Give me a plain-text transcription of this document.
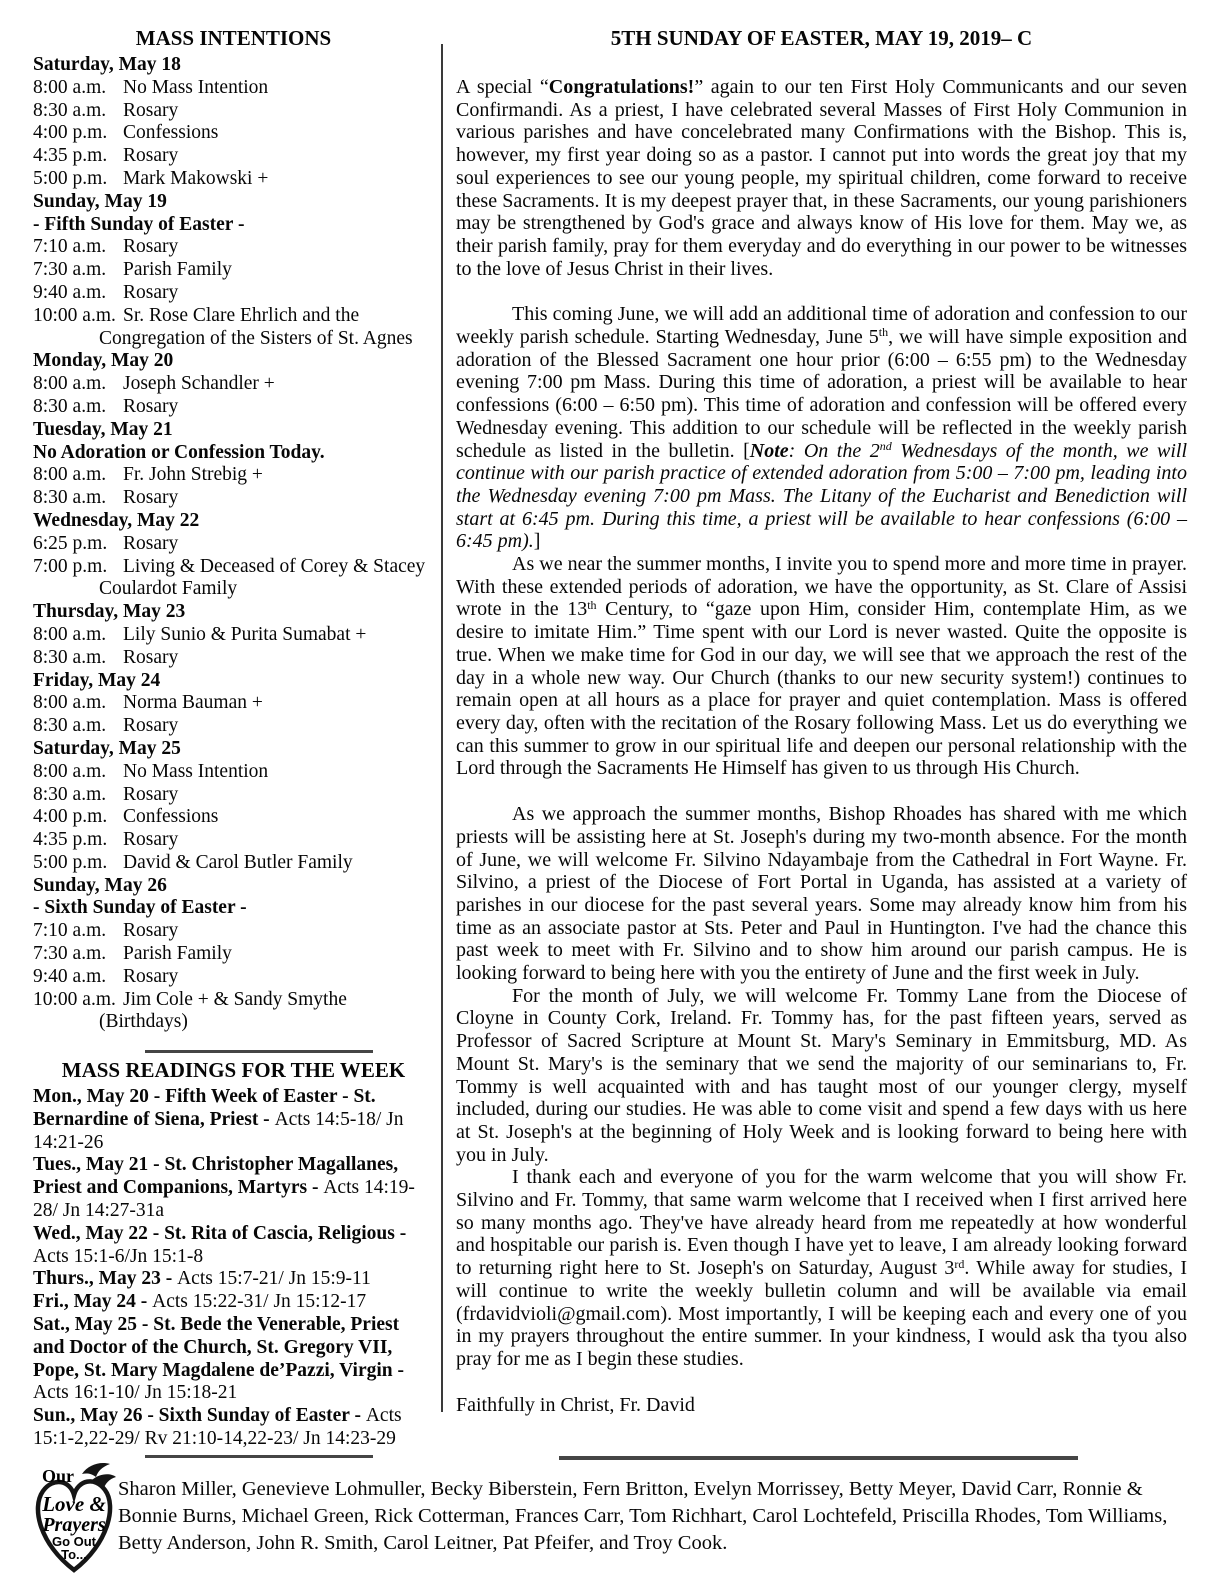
MASS INTENTIONS
Saturday, May 18
8:00 a.m. No Mass Intention
8:30 a.m. Rosary
4:00 p.m. Confessions
4:35 p.m. Rosary
5:00 p.m. Mark Makowski +
Sunday, May 19
- Fifth Sunday of Easter -
7:10 a.m. Rosary
7:30 a.m. Parish Family
9:40 a.m. Rosary
10:00 a.m. Sr. Rose Clare Ehrlich and the Congregation of the Sisters of St. Agnes
Monday, May 20
8:00 a.m. Joseph Schandler +
8:30 a.m. Rosary
Tuesday, May 21
No Adoration or Confession Today.
8:00 a.m. Fr. John Strebig +
8:30 a.m. Rosary
Wednesday, May 22
6:25 p.m. Rosary
7:00 p.m. Living & Deceased of Corey & Stacey Coulardot Family
Thursday, May 23
8:00 a.m. Lily Sunio & Purita Sumabat +
8:30 a.m. Rosary
Friday, May 24
8:00 a.m. Norma Bauman +
8:30 a.m. Rosary
Saturday, May 25
8:00 a.m. No Mass Intention
8:30 a.m. Rosary
4:00 p.m. Confessions
4:35 p.m. Rosary
5:00 p.m. David & Carol Butler Family
Sunday, May 26
- Sixth Sunday of Easter -
7:10 a.m. Rosary
7:30 a.m. Parish Family
9:40 a.m. Rosary
10:00 a.m. Jim Cole + & Sandy Smythe (Birthdays)
MASS READINGS FOR THE WEEK

Mon., May 20 - Fifth Week of Easter - St. Bernardine of Siena, Priest - Acts 14:5-18/ Jn 14:21-26

Tues., May 21 - St. Christopher Magallanes, Priest and Companions, Martyrs - Acts 14:19-28/ Jn 14:27-31a

Wed., May 22 - St. Rita of Cascia, Religious - Acts 15:1-6/Jn 15:1-8

Thurs., May 23 - Acts 15:7-21/ Jn 15:9-11

Fri., May 24 - Acts 15:22-31/ Jn 15:12-17

Sat., May 25 - St. Bede the Venerable, Priest and Doctor of the Church, St. Gregory VII, Pope, St. Mary Magdalene de’Pazzi, Virgin - Acts 16:1-10/ Jn 15:18-21

Sun., May 26 - Sixth Sunday of Easter - Acts 15:1-2,22-29/ Rv 21:10-14,22-23/ Jn 14:23-29

5TH SUNDAY OF EASTER, MAY 19, 2019– C
A special “Congratulations!” again to our ten First Holy Communicants and our seven Confirmandi. As a priest, I have celebrated several Masses of First Holy Communion in various parishes and have concelebrated many Confirmations with the Bishop. This is, however, my first year doing so as a pastor. I cannot put into words the great joy that my soul experiences to see our young people, my spiritual children, come forward to receive these Sacraments. It is my deepest prayer that, in these Sacraments, our young parishioners may be strengthened by God's grace and always know of His love for them. May we, as their parish family, pray for them everyday and do everything in our power to be witnesses to the love of Jesus Christ in their lives.
This coming June, we will add an additional time of adoration and confession to our weekly parish schedule. Starting Wednesday, June 5th, we will have simple exposition and adoration of the Blessed Sacrament one hour prior (6:00 – 6:55 pm) to the Wednesday evening 7:00 pm Mass. During this time of adoration, a priest will be available to hear confessions (6:00 – 6:50 pm). This time of adoration and confession will be offered every Wednesday evening. This addition to our schedule will be reflected in the weekly parish schedule as listed in the bulletin. [Note: On the 2nd Wednesdays of the month, we will continue with our parish practice of extended adoration from 5:00 – 7:00 pm, leading into the Wednesday evening 7:00 pm Mass. The Litany of the Eucharist and Benediction will start at 6:45 pm. During this time, a priest will be available to hear confessions (6:00 – 6:45 pm).]
As we near the summer months, I invite you to spend more and more time in prayer. With these extended periods of adoration, we have the opportunity, as St. Clare of Assisi wrote in the 13th Century, to “gaze upon Him, consider Him, contemplate Him, as we desire to imitate Him.” Time spent with our Lord is never wasted. Quite the opposite is true. When we make time for God in our day, we will see that we approach the rest of the day in a whole new way. Our Church (thanks to our new security system!) continues to remain open at all hours as a place for prayer and quiet contemplation. Mass is offered every day, often with the recitation of the Rosary following Mass. Let us do everything we can this summer to grow in our spiritual life and deepen our personal relationship with the Lord through the Sacraments He Himself has given to us through His Church.
As we approach the summer months, Bishop Rhoades has shared with me which priests will be assisting here at St. Joseph's during my two-month absence. For the month of June, we will welcome Fr. Silvino Ndayambaje from the Cathedral in Fort Wayne. Fr. Silvino, a priest of the Diocese of Fort Portal in Uganda, has assisted at a variety of parishes in our diocese for the past several years. Some may already know him from his time as an associate pastor at Sts. Peter and Paul in Huntington. I've had the chance this past week to meet with Fr. Silvino and to show him around our parish campus. He is looking forward to being here with you the entirety of June and the first week in July.
For the month of July, we will welcome Fr. Tommy Lane from the Diocese of Cloyne in County Cork, Ireland. Fr. Tommy has, for the past fifteen years, served as Professor of Sacred Scripture at Mount St. Mary's Seminary in Emmitsburg, MD. As Mount St. Mary's is the seminary that we send the majority of our seminarians to, Fr. Tommy is well acquainted with and has taught most of our younger clergy, myself included, during our studies. He was able to come visit and spend a few days with us here at St. Joseph's at the beginning of Holy Week and is looking forward to being here with you in July.
I thank each and everyone of you for the warm welcome that you will show Fr. Silvino and Fr. Tommy, that same warm welcome that I received when I first arrived here so many months ago. They've have already heard from me repeatedly at how wonderful and hospitable our parish is. Even though I have yet to leave, I am already looking forward to returning right here to St. Joseph's on Saturday, August 3rd. While away for studies, I will continue to write the weekly bulletin column and will be available via email (frdavidvioli@gmail.com). Most importantly, I will be keeping each and every one of you in my prayers throughout the entire summer. In your kindness, I would ask tha tyou also pray for me as I begin these studies.
Faithfully in Christ, Fr. David
Our
Love &
Prayers
Go Out
To...
Sharon Miller, Genevieve Lohmuller, Becky Biberstein, Fern Britton, Evelyn Morrissey, Betty Meyer, David Carr, Ronnie & Bonnie Burns, Michael Green, Rick Cotterman, Frances Carr, Tom Richhart, Carol Lochtefeld, Priscilla Rhodes, Tom Williams, Betty Anderson, John R. Smith, Carol Leitner, Pat Pfeifer, and Troy Cook.
